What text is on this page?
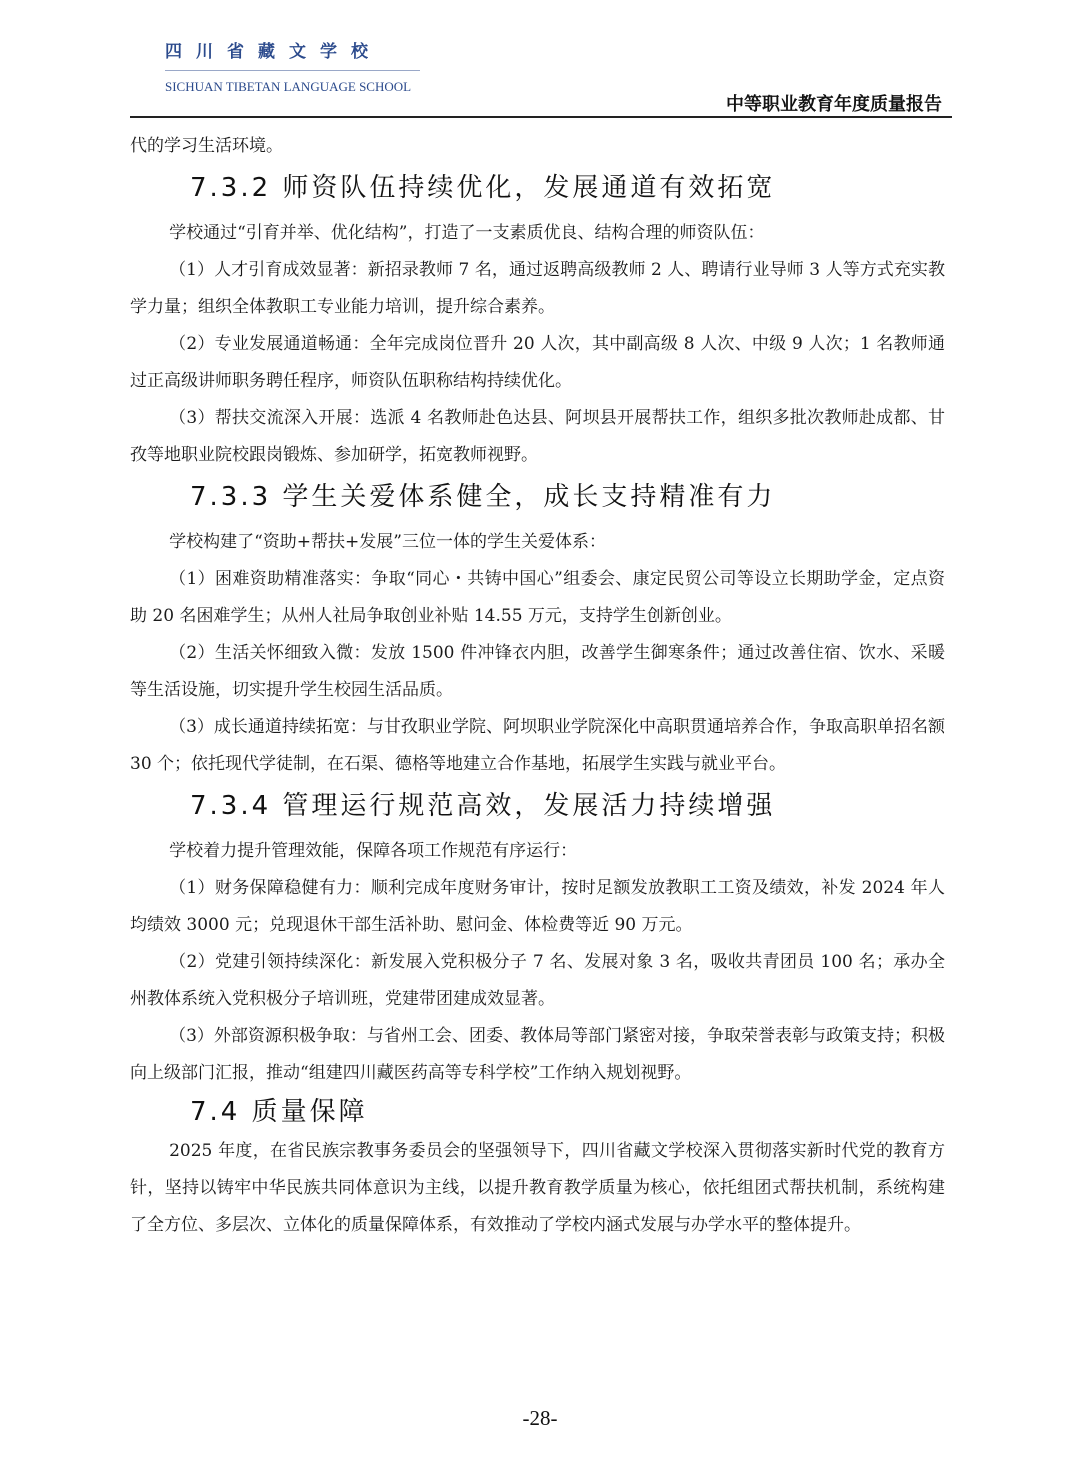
四川省藏文学校
SICHUAN TIBETAN LANGUAGE SCHOOL
中等职业教育年度质量报告

代的学习生活环境。

7.3.2 师资队伍持续优化，发展通道有效拓宽

学校通过“引育并举、优化结构”，打造了一支素质优良、结构合理的师资队伍：

（1）人才引育成效显著：新招录教师 7 名，通过返聘高级教师 2 人、聘请行业导师 3 人等方式充实教学力量；组织全体教职工专业能力培训，提升综合素养。

（2）专业发展通道畅通：全年完成岗位晋升 20 人次，其中副高级 8 人次、中级 9 人次；1 名教师通过正高级讲师职务聘任程序，师资队伍职称结构持续优化。

（3）帮扶交流深入开展：选派 4 名教师赴色达县、阿坝县开展帮扶工作，组织多批次教师赴成都、甘孜等地职业院校跟岗锻炼、参加研学，拓宽教师视野。

7.3.3 学生关爱体系健全，成长支持精准有力

学校构建了“资助+帮扶+发展”三位一体的学生关爱体系：

（1）困难资助精准落实：争取“同心・共铸中国心”组委会、康定民贸公司等设立长期助学金，定点资助 20 名困难学生；从州人社局争取创业补贴 14.55 万元，支持学生创新创业。

（2）生活关怀细致入微：发放 1500 件冲锋衣内胆，改善学生御寒条件；通过改善住宿、饮水、采暖等生活设施，切实提升学生校园生活品质。

（3）成长通道持续拓宽：与甘孜职业学院、阿坝职业学院深化中高职贯通培养合作，争取高职单招名额 30 个；依托现代学徒制，在石渠、德格等地建立合作基地，拓展学生实践与就业平台。

7.3.4 管理运行规范高效，发展活力持续增强

学校着力提升管理效能，保障各项工作规范有序运行：

（1）财务保障稳健有力：顺利完成年度财务审计，按时足额发放教职工工资及绩效，补发 2024 年人均绩效 3000 元；兑现退休干部生活补助、慰问金、体检费等近 90 万元。

（2）党建引领持续深化：新发展入党积极分子 7 名、发展对象 3 名，吸收共青团员 100 名；承办全州教体系统入党积极分子培训班，党建带团建成效显著。

（3）外部资源积极争取：与省州工会、团委、教体局等部门紧密对接，争取荣誉表彰与政策支持；积极向上级部门汇报，推动“组建四川藏医药高等专科学校”工作纳入规划视野。

7.4 质量保障

2025 年度，在省民族宗教事务委员会的坚强领导下，四川省藏文学校深入贯彻落实新时代党的教育方针，坚持以铸牢中华民族共同体意识为主线，以提升教育教学质量为核心，依托组团式帮扶机制，系统构建了全方位、多层次、立体化的质量保障体系，有效推动了学校内涵式发展与办学水平的整体提升。

-28-
